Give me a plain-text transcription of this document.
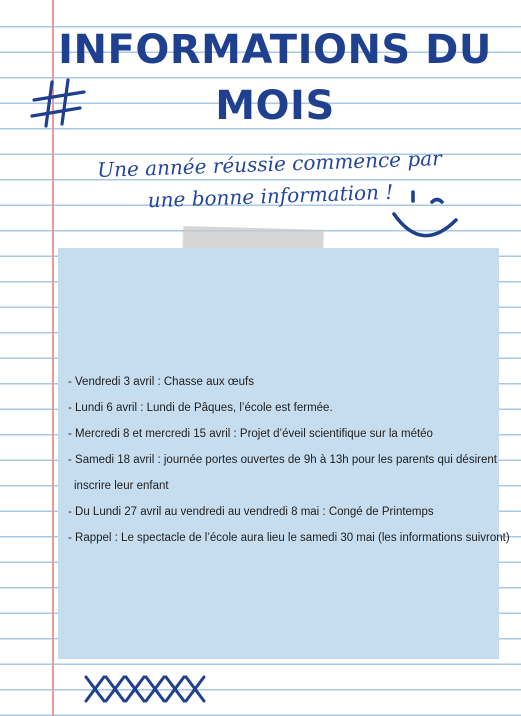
INFORMATIONS DU
MOIS
Une année réussie commence par
une bonne information !
- Vendredi 3 avril : Chasse aux œufs
- Lundi 6 avril : Lundi de Pâques, l’école est fermée.
- Mercredi 8 et mercredi 15 avril : Projet d’éveil scientifique sur la météo
- Samedi 18 avril : journée portes ouvertes de 9h à 13h pour les parents qui désirent
inscrire leur enfant
- Du Lundi 27 avril au vendredi au vendredi 8 mai : Congé de Printemps
- Rappel : Le spectacle de l’école aura lieu le samedi 30 mai (les informations suivront)
